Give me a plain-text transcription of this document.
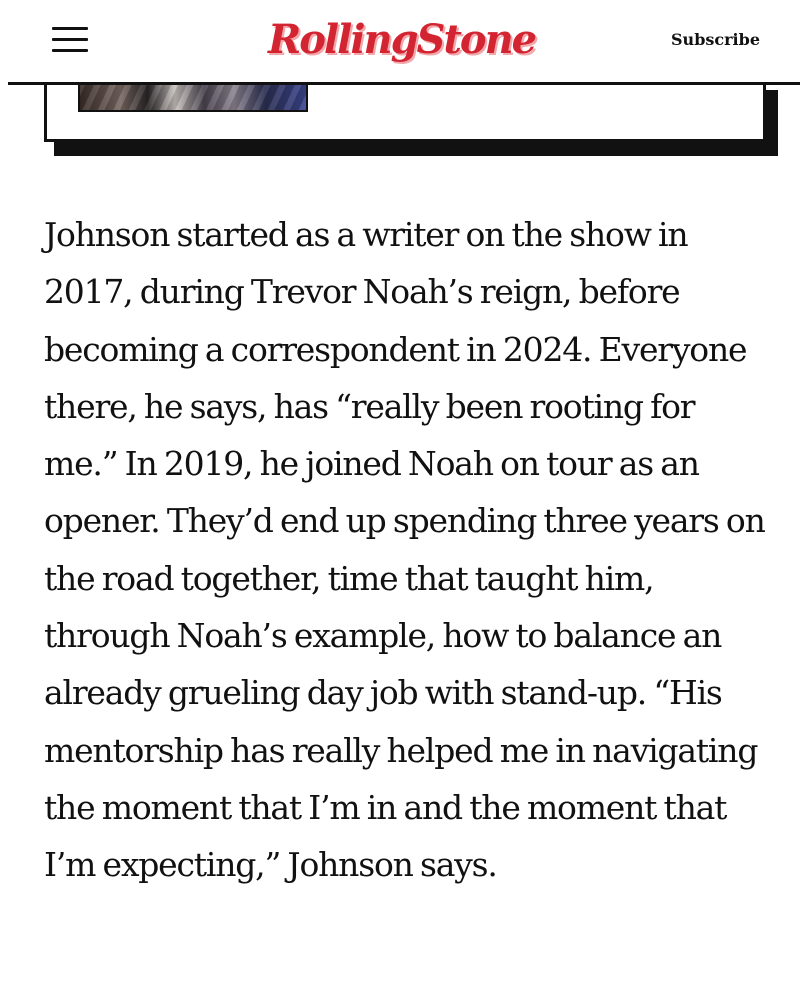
RollingStone	Subscribe

Johnson started as a writer on the show in 2017, during Trevor Noah’s reign, before becoming a correspondent in 2024. Everyone there, he says, has “really been rooting for me.” In 2019, he joined Noah on tour as an opener. They’d end up spending three years on the road together, time that taught him, through Noah’s example, how to balance an already grueling day job with stand-up. “His mentorship has really helped me in navigating the moment that I’m in and the moment that I’m expecting,” Johnson says.
